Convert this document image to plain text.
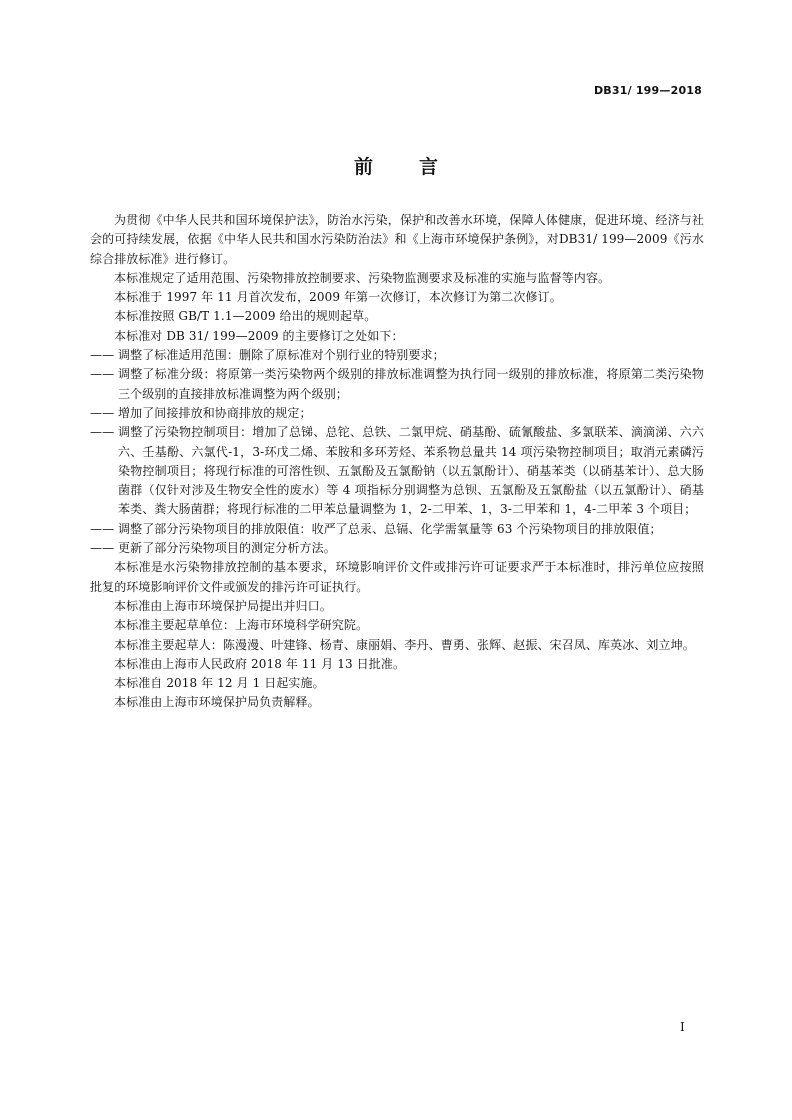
DB31/ 199—2018
前言

为贯彻《中华人民共和国环境保护法》，防治水污染，保护和改善水环境，保障人体健康，促进环境、经济与社会的可持续发展，依据《中华人民共和国水污染防治法》和《上海市环境保护条例》，对DB31/ 199—2009《污水综合排放标准》进行修订。

本标准规定了适用范围、污染物排放控制要求、污染物监测要求及标准的实施与监督等内容。

本标准于 1997 年 11 月首次发布，2009 年第一次修订，本次修订为第二次修订。

本标准按照 GB/T 1.1—2009 给出的规则起草。

本标准对 DB 31/ 199—2009 的主要修订之处如下：

—— 调整了标准适用范围：删除了原标准对个别行业的特别要求；
—— 调整了标准分级：将原第一类污染物两个级别的排放标准调整为执行同一级别的排放标准，将原第二类污染物三个级别的直接排放标准调整为两个级别；
—— 增加了间接排放和协商排放的规定；
—— 调整了污染物控制项目：增加了总锑、总铊、总铁、二氯甲烷、硝基酚、硫氰酸盐、多氯联苯、滴滴涕、六六六、壬基酚、六氯代-1，3-环戊二烯、苯胺和多环芳烃、苯系物总量共 14 项污染物控制项目；取消元素磷污染物控制项目；将现行标准的可溶性钡、五氯酚及五氯酚钠（以五氯酚计）、硝基苯类（以硝基苯计）、总大肠菌群（仅针对涉及生物安全性的废水）等 4 项指标分别调整为总钡、五氯酚及五氯酚盐（以五氯酚计）、硝基苯类、粪大肠菌群；将现行标准的二甲苯总量调整为 1，2-二甲苯、1，3-二甲苯和 1，4-二甲苯 3 个项目；
—— 调整了部分污染物项目的排放限值：收严了总汞、总镉、化学需氧量等 63 个污染物项目的排放限值；
—— 更新了部分污染物项目的测定分析方法。

本标准是水污染物排放控制的基本要求，环境影响评价文件或排污许可证要求严于本标准时，排污单位应按照批复的环境影响评价文件或颁发的排污许可证执行。

本标准由上海市环境保护局提出并归口。

本标准主要起草单位：上海市环境科学研究院。

本标准主要起草人：陈漫漫、叶建锋、杨青、康丽娟、李丹、曹勇、张辉、赵振、宋召凤、库英冰、刘立坤。

本标准由上海市人民政府 2018 年 11 月 13 日批准。

本标准自 2018 年 12 月 1 日起实施。

本标准由上海市环境保护局负责解释。

I
